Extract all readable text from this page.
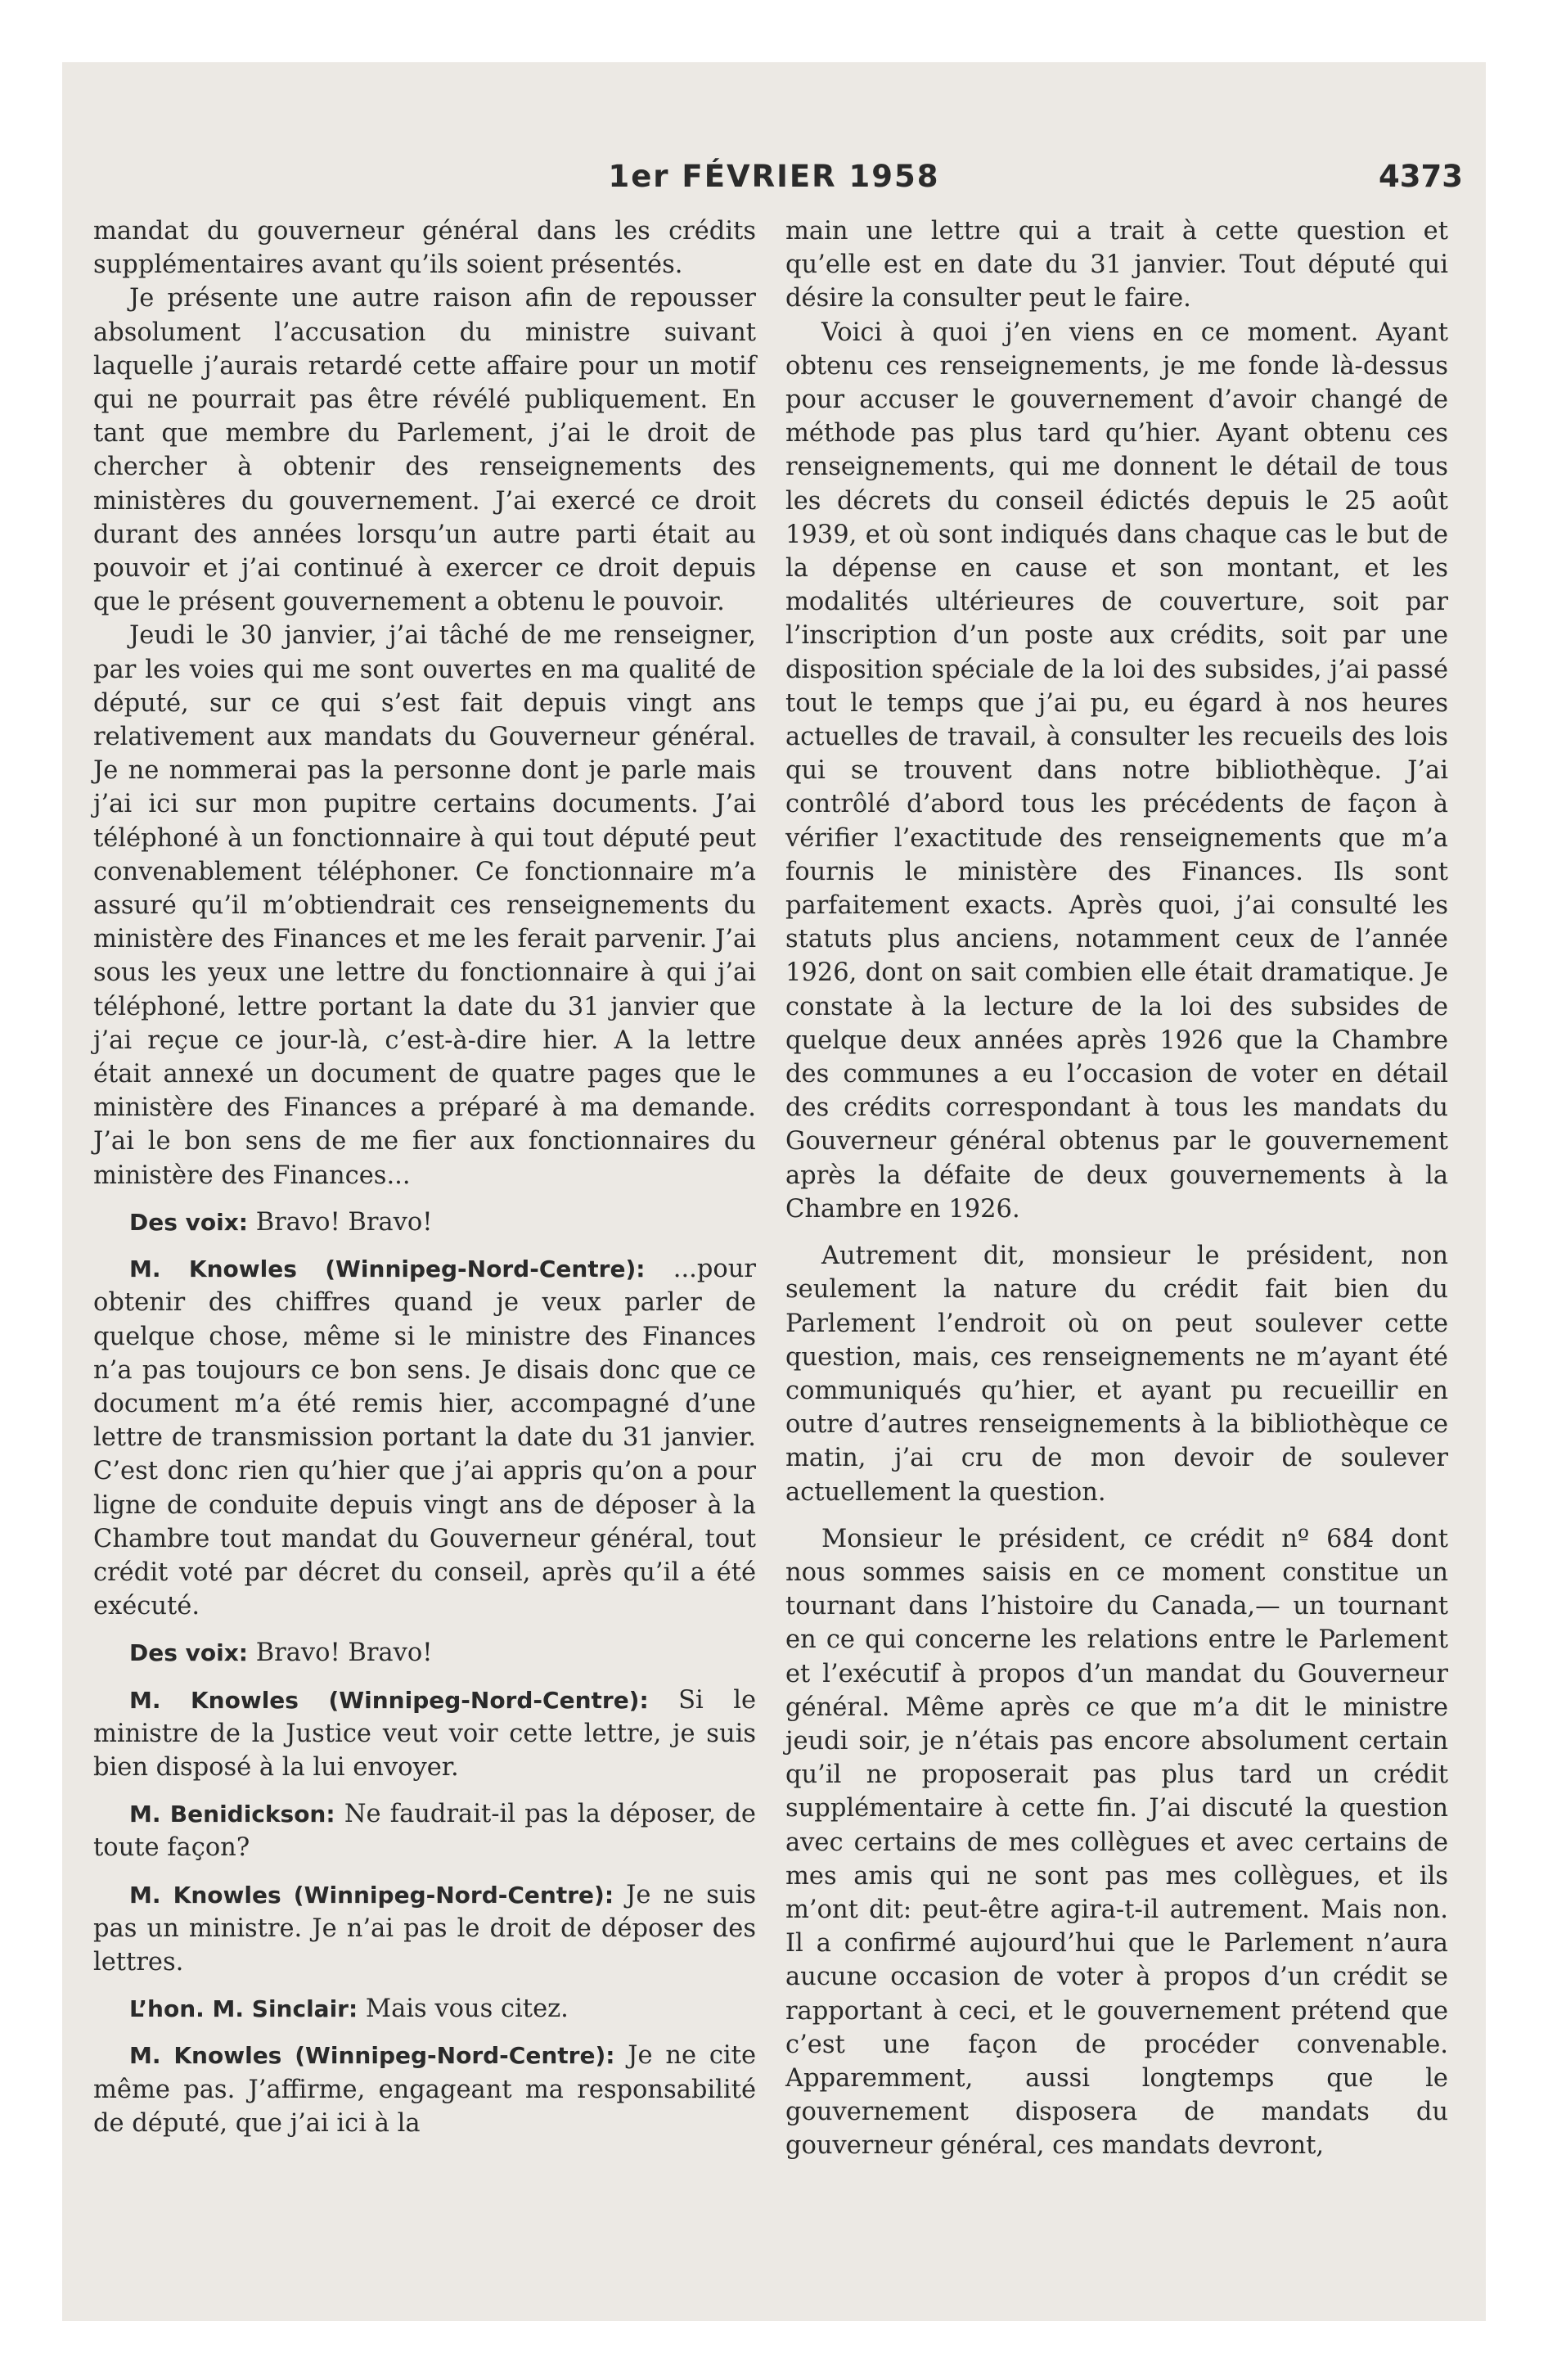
1er FÉVRIER 1958	4373

mandat du gouverneur général dans les crédits supplémentaires avant qu’ils soient présentés.

Je présente une autre raison afin de repousser absolument l’accusation du ministre suivant laquelle j’aurais retardé cette affaire pour un motif qui ne pourrait pas être révélé publiquement. En tant que membre du Parlement, j’ai le droit de chercher à obtenir des renseignements des ministères du gouvernement. J’ai exercé ce droit durant des années lorsqu’un autre parti était au pouvoir et j’ai continué à exercer ce droit depuis que le présent gouvernement a obtenu le pouvoir.

Jeudi le 30 janvier, j’ai tâché de me renseigner, par les voies qui me sont ouvertes en ma qualité de député, sur ce qui s’est fait depuis vingt ans relativement aux mandats du Gouverneur général. Je ne nommerai pas la personne dont je parle mais j’ai ici sur mon pupitre certains documents. J’ai téléphoné à un fonctionnaire à qui tout député peut convenablement téléphoner. Ce fonctionnaire m’a assuré qu’il m’obtiendrait ces renseignements du ministère des Finances et me les ferait parvenir. J’ai sous les yeux une lettre du fonctionnaire à qui j’ai téléphoné, lettre portant la date du 31 janvier que j’ai reçue ce jour-là, c’est-à-dire hier. A la lettre était annexé un document de quatre pages que le ministère des Finances a préparé à ma demande. J’ai le bon sens de me fier aux fonctionnaires du ministère des Finances...

Des voix: Bravo! Bravo!

M. Knowles (Winnipeg-Nord-Centre): ...pour obtenir des chiffres quand je veux parler de quelque chose, même si le ministre des Finances n’a pas toujours ce bon sens. Je disais donc que ce document m’a été remis hier, accompagné d’une lettre de transmission portant la date du 31 janvier. C’est donc rien qu’hier que j’ai appris qu’on a pour ligne de conduite depuis vingt ans de déposer à la Chambre tout mandat du Gouverneur général, tout crédit voté par décret du conseil, après qu’il a été exécuté.

Des voix: Bravo! Bravo!

M. Knowles (Winnipeg-Nord-Centre): Si le ministre de la Justice veut voir cette lettre, je suis bien disposé à la lui envoyer.

M. Benidickson: Ne faudrait-il pas la déposer, de toute façon?

M. Knowles (Winnipeg-Nord-Centre): Je ne suis pas un ministre. Je n’ai pas le droit de déposer des lettres.

L’hon. M. Sinclair: Mais vous citez.

M. Knowles (Winnipeg-Nord-Centre): Je ne cite même pas. J’affirme, engageant ma responsabilité de député, que j’ai ici à la

main une lettre qui a trait à cette question et qu’elle est en date du 31 janvier. Tout député qui désire la consulter peut le faire.

Voici à quoi j’en viens en ce moment. Ayant obtenu ces renseignements, je me fonde là-dessus pour accuser le gouvernement d’avoir changé de méthode pas plus tard qu’hier. Ayant obtenu ces renseignements, qui me donnent le détail de tous les décrets du conseil édictés depuis le 25 août 1939, et où sont indiqués dans chaque cas le but de la dépense en cause et son montant, et les modalités ultérieures de couverture, soit par l’inscription d’un poste aux crédits, soit par une disposition spéciale de la loi des subsides, j’ai passé tout le temps que j’ai pu, eu égard à nos heures actuelles de travail, à consulter les recueils des lois qui se trouvent dans notre bibliothèque. J’ai contrôlé d’abord tous les précédents de façon à vérifier l’exactitude des renseignements que m’a fournis le ministère des Finances. Ils sont parfaitement exacts. Après quoi, j’ai consulté les statuts plus anciens, notamment ceux de l’année 1926, dont on sait combien elle était dramatique. Je constate à la lecture de la loi des subsides de quelque deux années après 1926 que la Chambre des communes a eu l’occasion de voter en détail des crédits correspondant à tous les mandats du Gouverneur général obtenus par le gouvernement après la défaite de deux gouvernements à la Chambre en 1926.

Autrement dit, monsieur le président, non seulement la nature du crédit fait bien du Parlement l’endroit où on peut soulever cette question, mais, ces renseignements ne m’ayant été communiqués qu’hier, et ayant pu recueillir en outre d’autres renseignements à la bibliothèque ce matin, j’ai cru de mon devoir de soulever actuellement la question.

Monsieur le président, ce crédit nº 684 dont nous sommes saisis en ce moment constitue un tournant dans l’histoire du Canada,— un tournant en ce qui concerne les relations entre le Parlement et l’exécutif à propos d’un mandat du Gouverneur général. Même après ce que m’a dit le ministre jeudi soir, je n’étais pas encore absolument certain qu’il ne proposerait pas plus tard un crédit supplémentaire à cette fin. J’ai discuté la question avec certains de mes collègues et avec certains de mes amis qui ne sont pas mes collègues, et ils m’ont dit: peut-être agira-t-il autrement. Mais non. Il a confirmé aujourd’hui que le Parlement n’aura aucune occasion de voter à propos d’un crédit se rapportant à ceci, et le gouvernement prétend que c’est une façon de procéder convenable. Apparemment, aussi longtemps que le gouvernement disposera de mandats du gouverneur général, ces mandats devront,
